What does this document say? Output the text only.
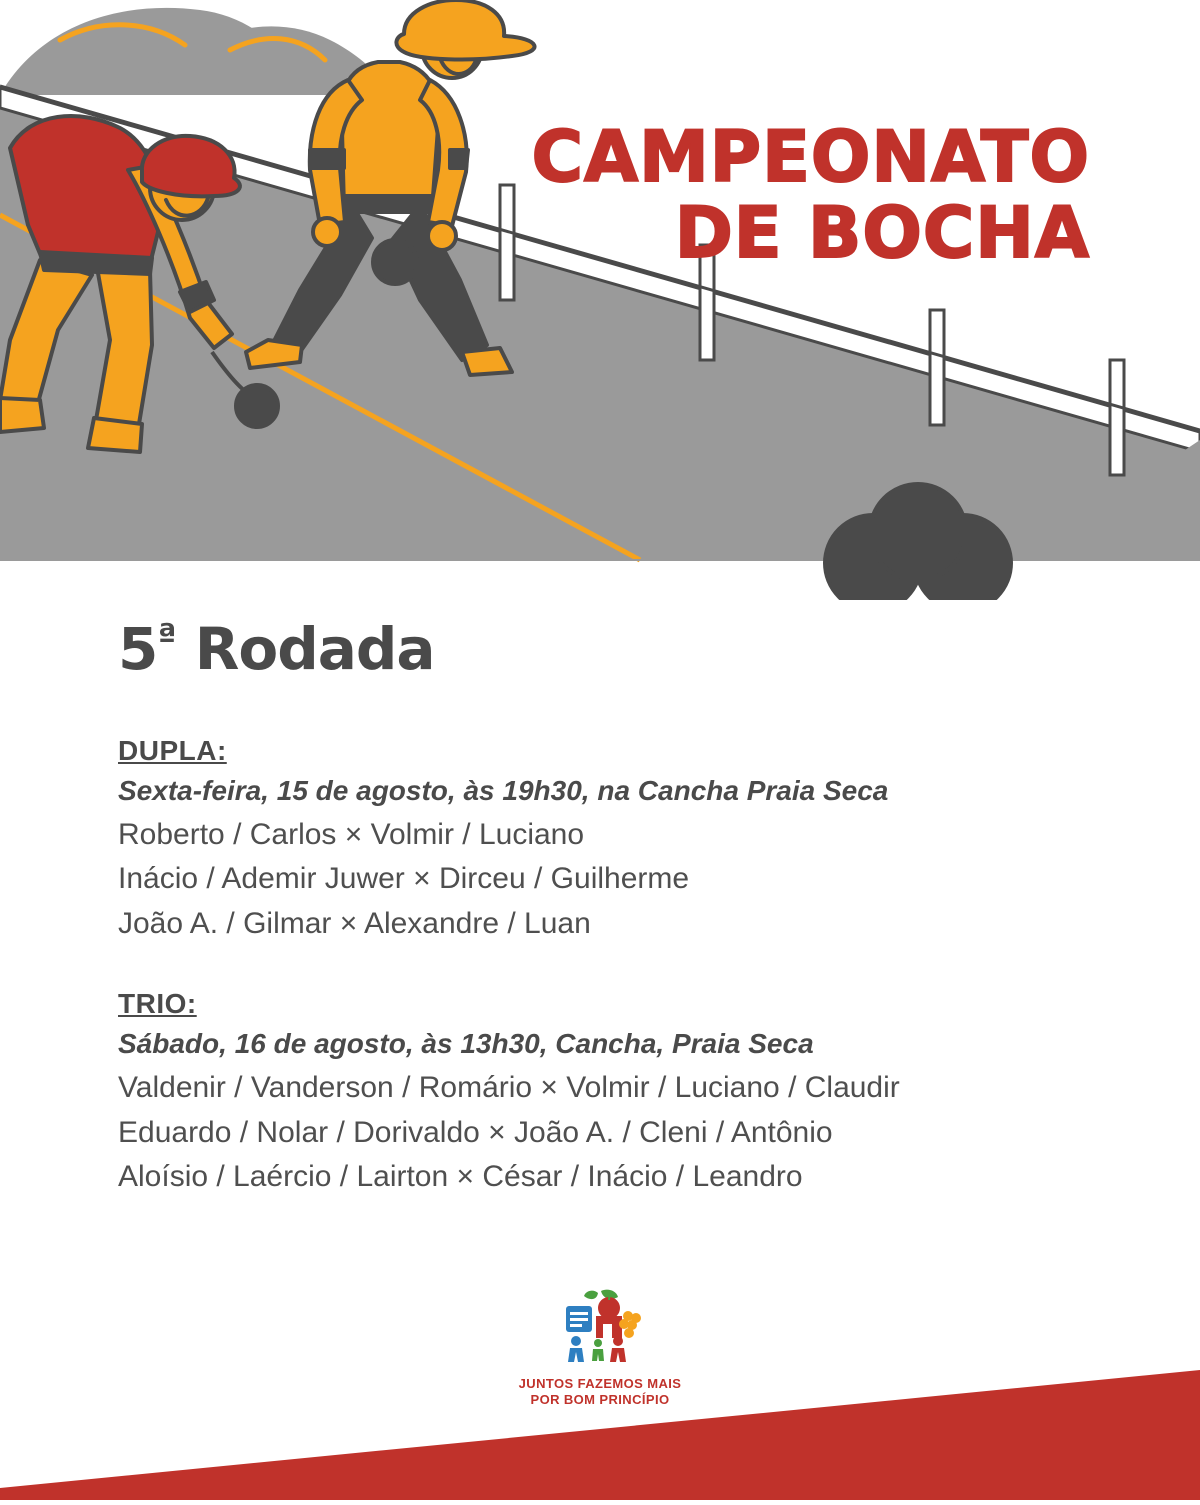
CAMPEONATO
DE BOCHA
$5^ª$ Rodada
DUPLA:
Sexta-feira, 15 de agosto, às 19h30, na Cancha Praia Seca
Roberto / Carlos × Volmir / Luciano
Inácio / Ademir Juwer × Dirceu / Guilherme
João A. / Gilmar × Alexandre / Luan
TRIO:
Sábado, 16 de agosto, às 13h30, Cancha, Praia Seca
Valdenir / Vanderson / Romário × Volmir / Luciano / Claudir
Eduardo / Nolar / Dorivaldo × João A. / Cleni / Antônio
Aloísio / Laércio / Lairton × César / Inácio / Leandro
JUNTOS FAZEMOS MAIS
POR BOM PRINCÍPIO
